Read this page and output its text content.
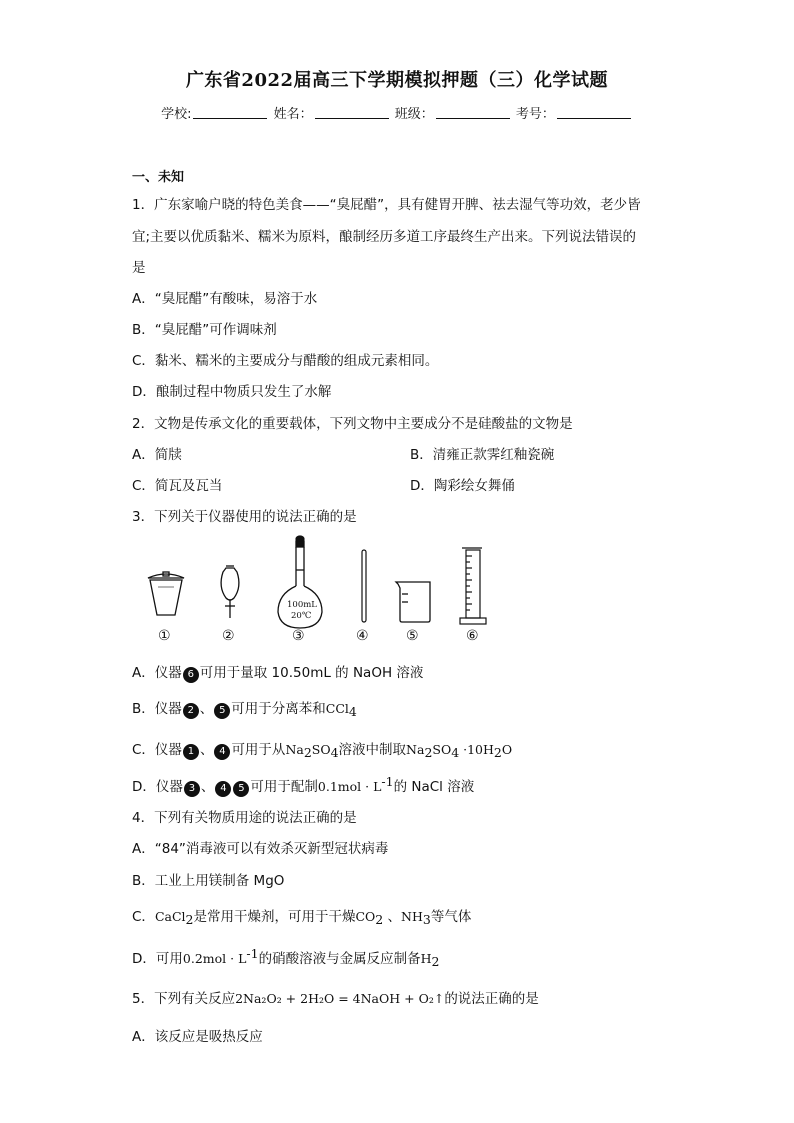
广东省2022届高三下学期模拟押题（三）化学试题
学校:	姓名：	班级：	考号：
一、未知
1．广东家喻户晓的特色美食——“臭屁醋”，具有健胃开脾、祛去湿气等功效，老少皆
宜;主要以优质黏米、糯米为原料，酿制经历多道工序最终生产出来。下列说法错误的
是
A．“臭屁醋”有酸味，易溶于水
B．“臭屁醋”可作调味剂
C．黏米、糯米的主要成分与醋酸的组成元素相同。
D．酿制过程中物质只发生了水解
2．文物是传承文化的重要载体，下列文物中主要成分不是硅酸盐的文物是
A．简牍	B．清雍正款霁红釉瓷碗
C．简瓦及瓦当	D．陶彩绘女舞俑
3．下列关于仪器使用的说法正确的是
100mL
20℃
①	②	③	④	⑤	⑥
A．仪器 6 可用于量取 10.50mL 的 NaOH 溶液
B．仪器 2 、 5 可用于分离苯和CCl$_4$
C．仪器 1 、 4 可用于从$Na_2SO_4$溶液中制取$Na_2SO_4 \cdot 10H_2O$
D．仪器 3 、 4 5 可用于配制$0.1mol \cdot L^{-1}$的 NaCl 溶液
4．下列有关物质用途的说法正确的是
A．“84”消毒液可以有效杀灭新型冠状病毒
B．工业上用镁制备 MgO
C．CaCl$_2$是常用干燥剂，可用于干燥$CO_2$ 、$NH_3$等气体
D．可用$0.2mol \cdot L^{-1}$的硝酸溶液与金属反应制备$H_2$
5．下列有关反应2Na₂O₂ + 2H₂O = 4NaOH + O₂↑的说法正确的是
A．该反应是吸热反应
